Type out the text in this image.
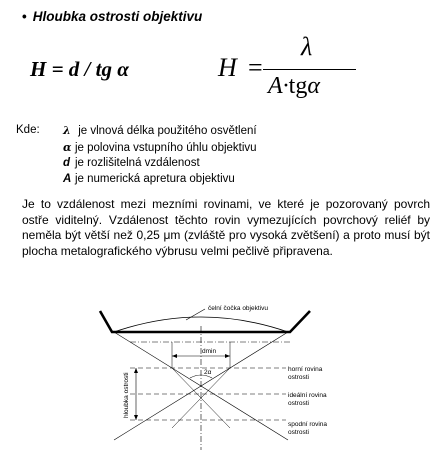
• Hloubka ostrosti objektivu
H = d / tg α	H =
λ
A·tgα
Kde: λ je vlnová délka použitého osvětlení
α je polovina vstupního úhlu objektivu
d je rozlišitelná vzdálenost
A je numerická apretura objektivu
Je to vzdálenost mezi mezními rovinami, ve které je pozorovaný povrch ostře viditelný. Vzdálenost těchto rovin vymezujících povrchový reliéf by neměla být větší než 0,25 μm (zvláště pro vysoká zvětšení) a proto musí být plocha metalografického výbrusu velmi pečlivě připravena.
čelní čočka objektivu
dmin
2α
hloubka ostrosti
horní rovina
ostrosti
ideální rovina
ostrosti
spodní rovina
ostrosti
